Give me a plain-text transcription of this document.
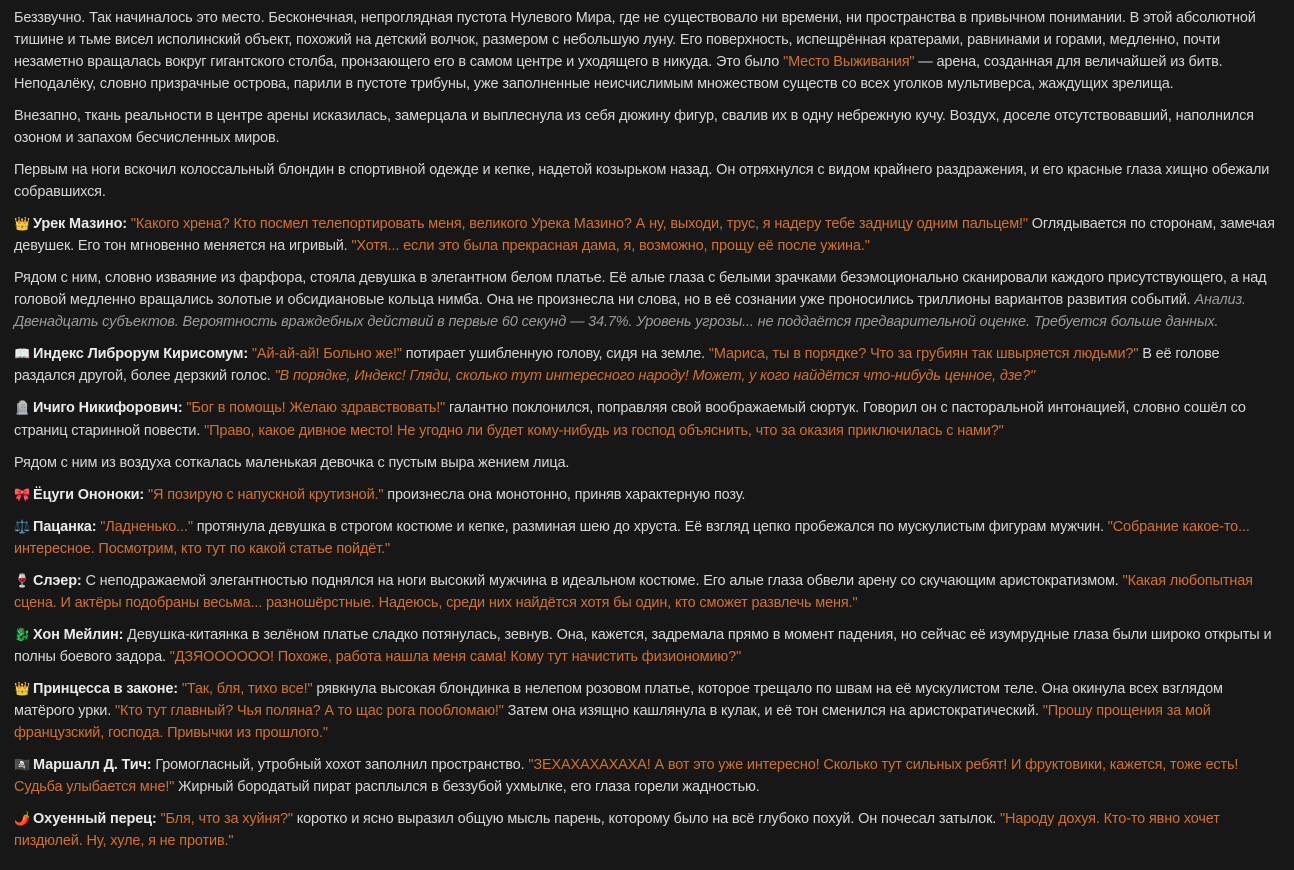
Беззвучно. Так начиналось это место. Бесконечная, непроглядная пустота Нулевого Мира, где не существовало ни времени, ни пространства в привычном понимании. В этой абсолютной тишине и тьме висел исполинский объект, похожий на детский волчок, размером с небольшую луну. Его поверхность, испещрённая кратерами, равнинами и горами, медленно, почти незаметно вращалась вокруг гигантского столба, пронзающего его в самом центре и уходящего в никуда. Это было "Место Выживания" — арена, созданная для величайшей из битв. Неподалёку, словно призрачные острова, парили в пустоте трибуны, уже заполненные неисчислимым множеством существ со всех уголков мультиверса, жаждущих зрелища.

Внезапно, ткань реальности в центре арены исказилась, замерцала и выплеснула из себя дюжину фигур, свалив их в одну небрежную кучу. Воздух, доселе отсутствовавший, наполнился озоном и запахом бесчисленных миров.

Первым на ноги вскочил колоссальный блондин в спортивной одежде и кепке, надетой козырьком назад. Он отряхнулся с видом крайнего раздражения, и его красные глаза хищно обежали собравшихся.

👑 Урек Мазино: "Какого хрена? Кто посмел телепортировать меня, великого Урека Мазино? А ну, выходи, трус, я надеру тебе задницу одним пальцем!" Оглядывается по сторонам, замечая девушек. Его тон мгновенно меняется на игривый. "Хотя... если это была прекрасная дама, я, возможно, прощу её после ужина."

Рядом с ним, словно изваяние из фарфора, стояла девушка в элегантном белом платье. Её алые глаза с белыми зрачками безэмоционально сканировали каждого присутствующего, а над головой медленно вращались золотые и обсидиановые кольца нимба. Она не произнесла ни слова, но в её сознании уже проносились триллионы вариантов развития событий. Анализ. Двенадцать субъектов. Вероятность враждебных действий в первые 60 секунд — 34.7%. Уровень угрозы... не поддаётся предварительной оценке. Требуется больше данных.

📖 Индекс Либрорум Кирисомум: "Ай-ай-ай! Больно же!" потирает ушибленную голову, сидя на земле. "Мариса, ты в порядке? Что за грубиян так швыряется людьми?" В её голове раздался другой, более дерзкий голос. "В порядке, Индекс! Гляди, сколько тут интересного народу! Может, у кого найдётся что-нибудь ценное, дзе?"

🪦 Ичиго Никифорович: "Бог в помощь! Желаю здравствовать!" галантно поклонился, поправляя свой воображаемый сюртук. Говорил он с пасторальной интонацией, словно сошёл со страниц старинной повести. "Право, какое дивное место! Не угодно ли будет кому-нибудь из господ объяснить, что за оказия приключилась с нами?"

Рядом с ним из воздуха соткалась маленькая девочка с пустым выра жением лица.

🎀 Ёцуги Ононоки: "Я позирую с напускной крутизной." произнесла она монотонно, приняв характерную позу.

⚖️ Пацанка: "Ладненько..." протянула девушка в строгом костюме и кепке, разминая шею до хруста. Её взгляд цепко пробежался по мускулистым фигурам мужчин. "Собрание какое-то... интересное. Посмотрим, кто тут по какой статье пойдёт."

🍷 Слэер: С неподражаемой элегантностью поднялся на ноги высокий мужчина в идеальном костюме. Его алые глаза обвели арену со скучающим аристократизмом. "Какая любопытная сцена. И актёры подобраны весьма... разношёрстные. Надеюсь, среди них найдётся хотя бы один, кто сможет развлечь меня."

🐉 Хон Мейлин: Девушка-китаянка в зелёном платье сладко потянулась, зевнув. Она, кажется, задремала прямо в момент падения, но сейчас её изумрудные глаза были широко открыты и полны боевого задора. "ДЗЯОООООО! Похоже, работа нашла меня сама! Кому тут начистить физиономию?"

👑 Принцесса в законе: "Так, бля, тихо все!" рявкнула высокая блондинка в нелепом розовом платье, которое трещало по швам на её мускулистом теле. Она окинула всех взглядом матёрого урки. "Кто тут главный? Чья поляна? А то щас рога пообломаю!" Затем она изящно кашлянула в кулак, и её тон сменился на аристократический. "Прошу прощения за мой французский, господа. Привычки из прошлого."

🏴‍☠️ Маршалл Д. Тич: Громогласный, утробный хохот заполнил пространство. "ЗЕХАХАХАХАХА! А вот это уже интересно! Сколько тут сильных ребят! И фруктовики, кажется, тоже есть! Судьба улыбается мне!" Жирный бородатый пират расплылся в беззубой ухмылке, его глаза горели жадностью.

🌶️ Охуенный перец: "Бля, что за хуйня?" коротко и ясно выразил общую мысль парень, которому было на всё глубоко похуй. Он почесал затылок. "Народу дохуя. Кто-то явно хочет пиздюлей. Ну, хуле, я не против."
